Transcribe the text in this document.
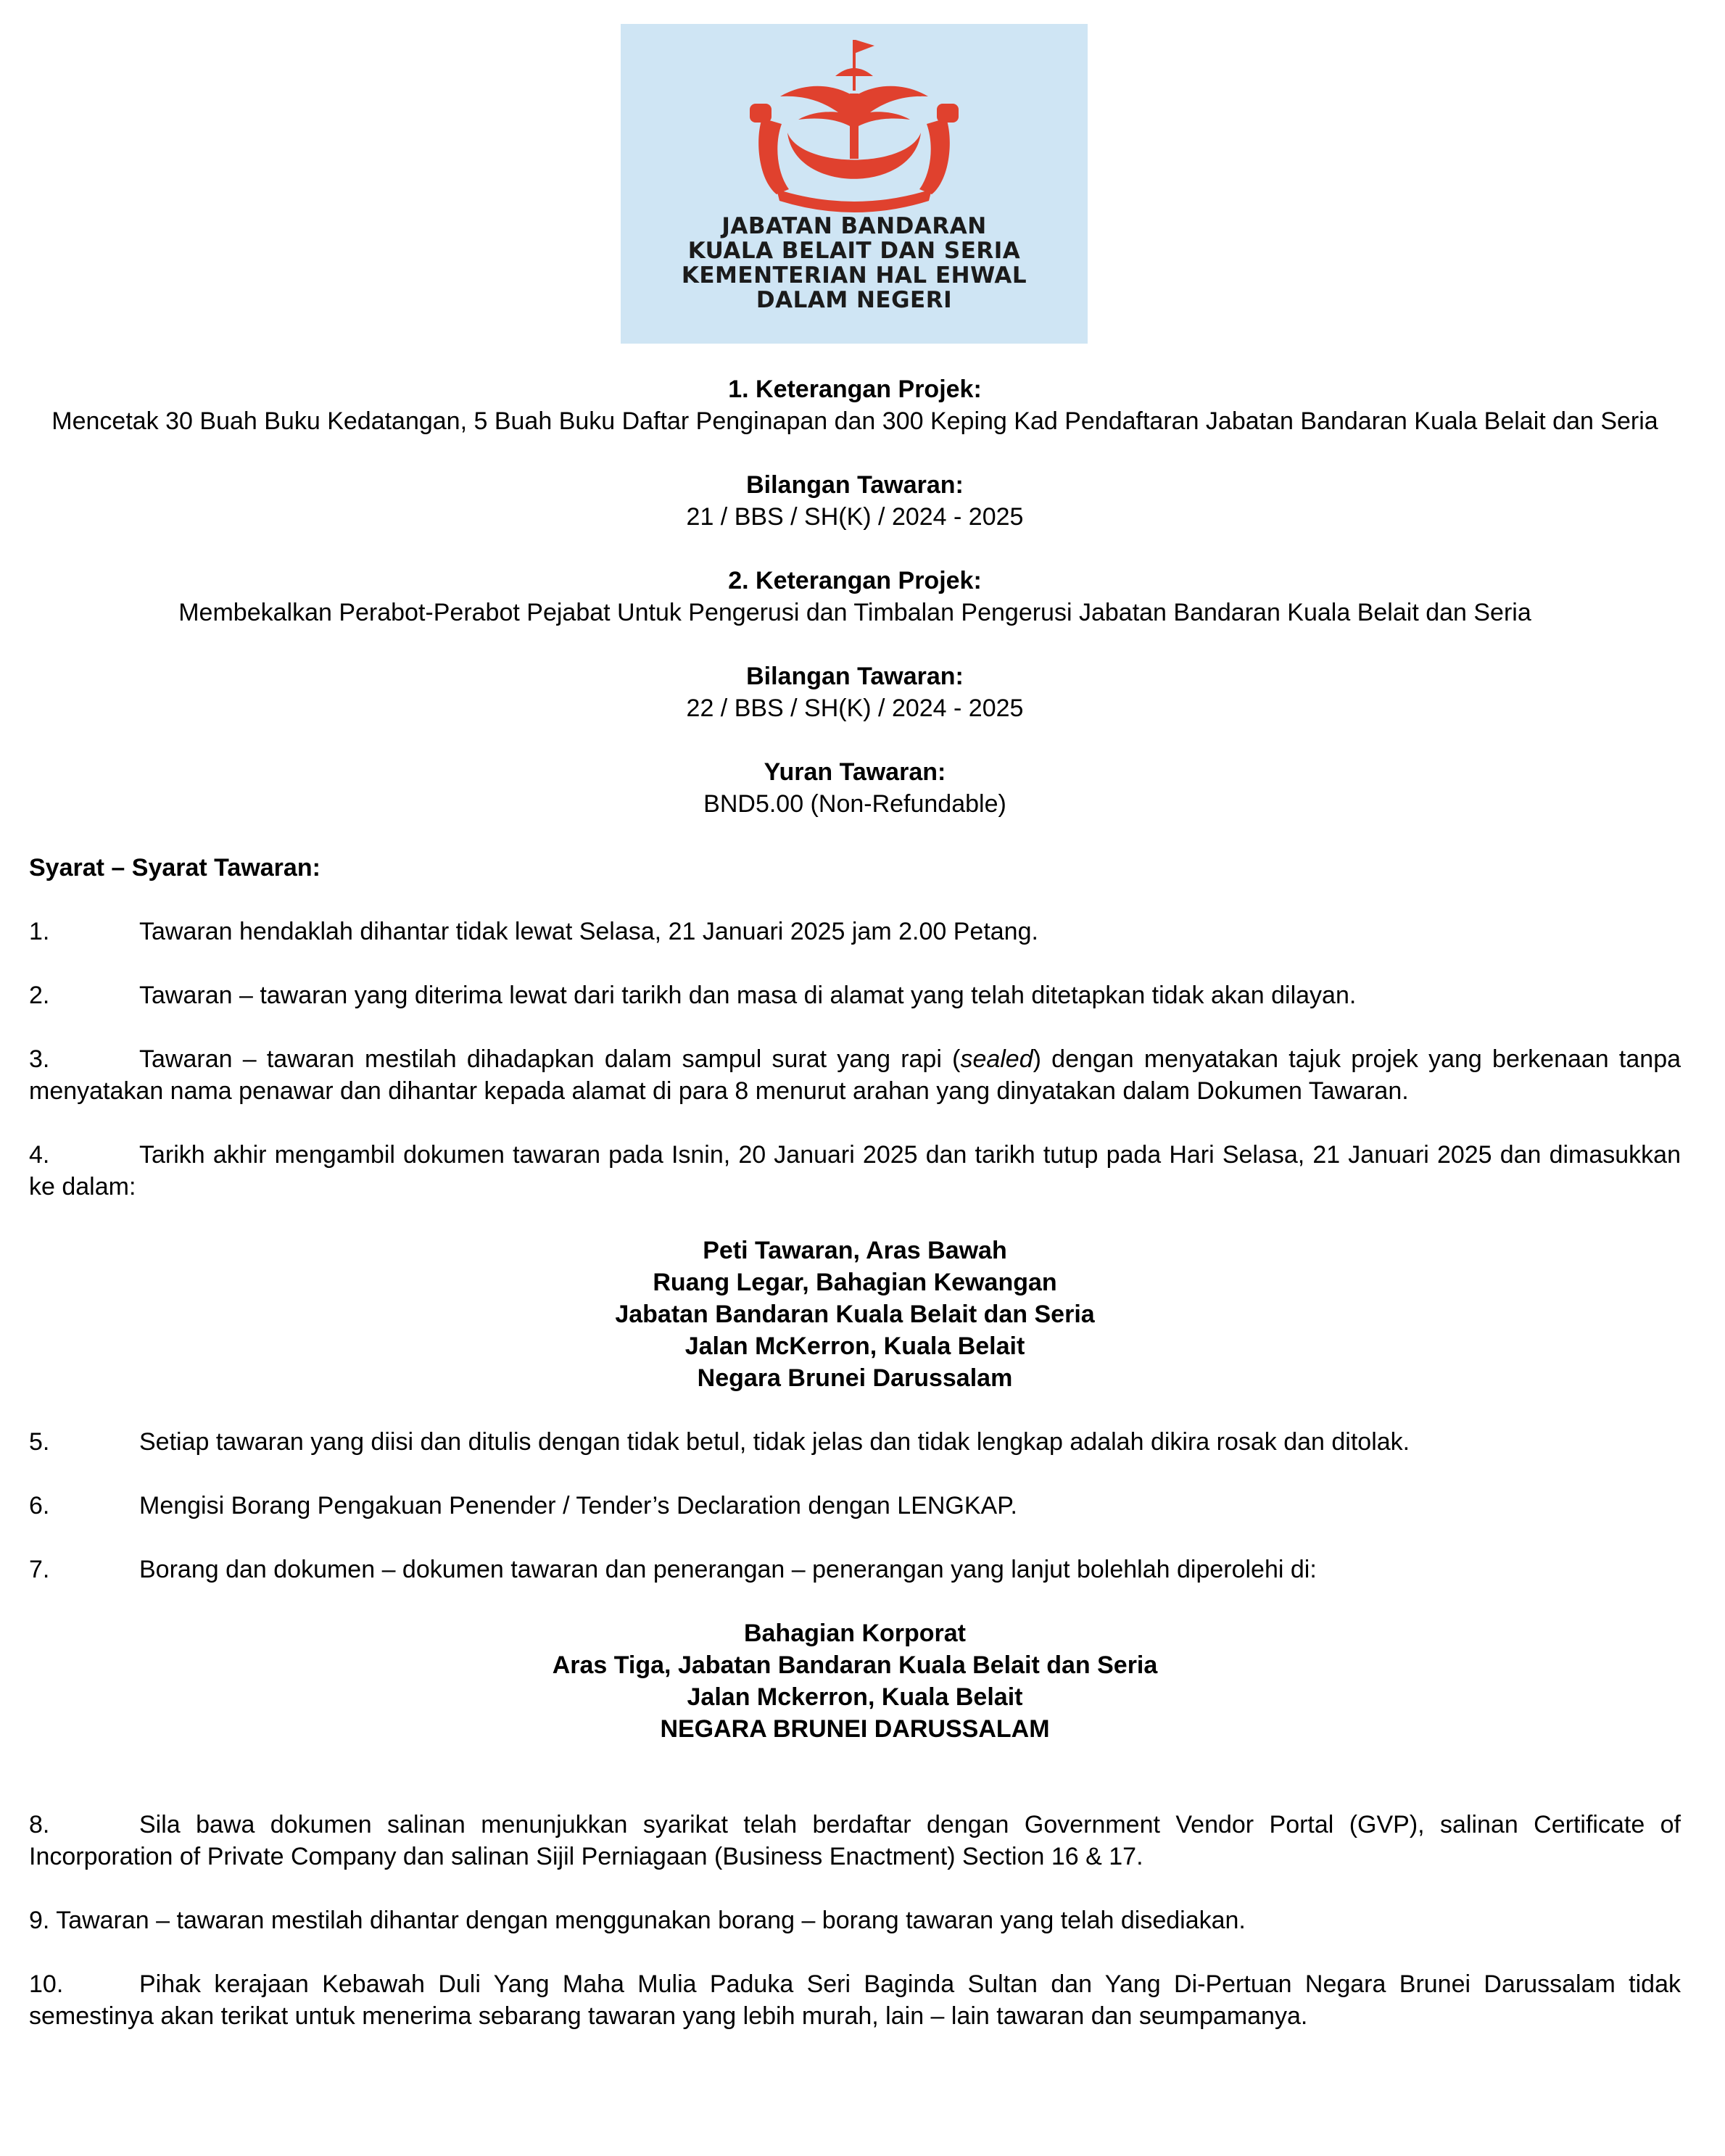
JABATAN BANDARAN
KUALA BELAIT DAN SERIA
KEMENTERIAN HAL EHWAL
DALAM NEGERI

1. Keterangan Projek:

Mencetak 30 Buah Buku Kedatangan, 5 Buah Buku Daftar Penginapan dan 300 Keping Kad Pendaftaran Jabatan Bandaran Kuala Belait dan Seria

Bilangan Tawaran:

21 / BBS / SH(K) / 2024 - 2025

2. Keterangan Projek:

Membekalkan Perabot-Perabot Pejabat Untuk Pengerusi dan Timbalan Pengerusi Jabatan Bandaran Kuala Belait dan Seria

Bilangan Tawaran:

22 / BBS / SH(K) / 2024 - 2025

Yuran Tawaran:

BND5.00 (Non-Refundable)

Syarat – Syarat Tawaran:

1.	Tawaran hendaklah dihantar tidak lewat Selasa, 21 Januari 2025 jam 2.00 Petang.

2.	Tawaran – tawaran yang diterima lewat dari tarikh dan masa di alamat yang telah ditetapkan tidak akan dilayan.

3.	Tawaran – tawaran mestilah dihadapkan dalam sampul surat yang rapi (sealed) dengan menyatakan tajuk projek yang berkenaan tanpa menyatakan nama penawar dan dihantar kepada alamat di para 8 menurut arahan yang dinyatakan dalam Dokumen Tawaran.

4.	Tarikh akhir mengambil dokumen tawaran pada Isnin, 20 Januari 2025 dan tarikh tutup pada Hari Selasa, 21 Januari 2025 dan dimasukkan ke dalam:

Peti Tawaran, Aras Bawah

Ruang Legar, Bahagian Kewangan

Jabatan Bandaran Kuala Belait dan Seria

Jalan McKerron, Kuala Belait

Negara Brunei Darussalam

5.	Setiap tawaran yang diisi dan ditulis dengan tidak betul, tidak jelas dan tidak lengkap adalah dikira rosak dan ditolak.

6.	Mengisi Borang Pengakuan Penender / Tender’s Declaration dengan LENGKAP.

7.	Borang dan dokumen – dokumen tawaran dan penerangan – penerangan yang lanjut bolehlah diperolehi di:

Bahagian Korporat

Aras Tiga, Jabatan Bandaran Kuala Belait dan Seria

Jalan Mckerron, Kuala Belait

NEGARA BRUNEI DARUSSALAM

8.	Sila bawa dokumen salinan menunjukkan syarikat telah berdaftar dengan Government Vendor Portal (GVP), salinan Certificate of Incorporation of Private Company dan salinan Sijil Perniagaan (Business Enactment) Section 16 & 17.

9. Tawaran – tawaran mestilah dihantar dengan menggunakan borang – borang tawaran yang telah disediakan.

10.	Pihak kerajaan Kebawah Duli Yang Maha Mulia Paduka Seri Baginda Sultan dan Yang Di-Pertuan Negara Brunei Darussalam tidak semestinya akan terikat untuk menerima sebarang tawaran yang lebih murah, lain – lain tawaran dan seumpamanya.
